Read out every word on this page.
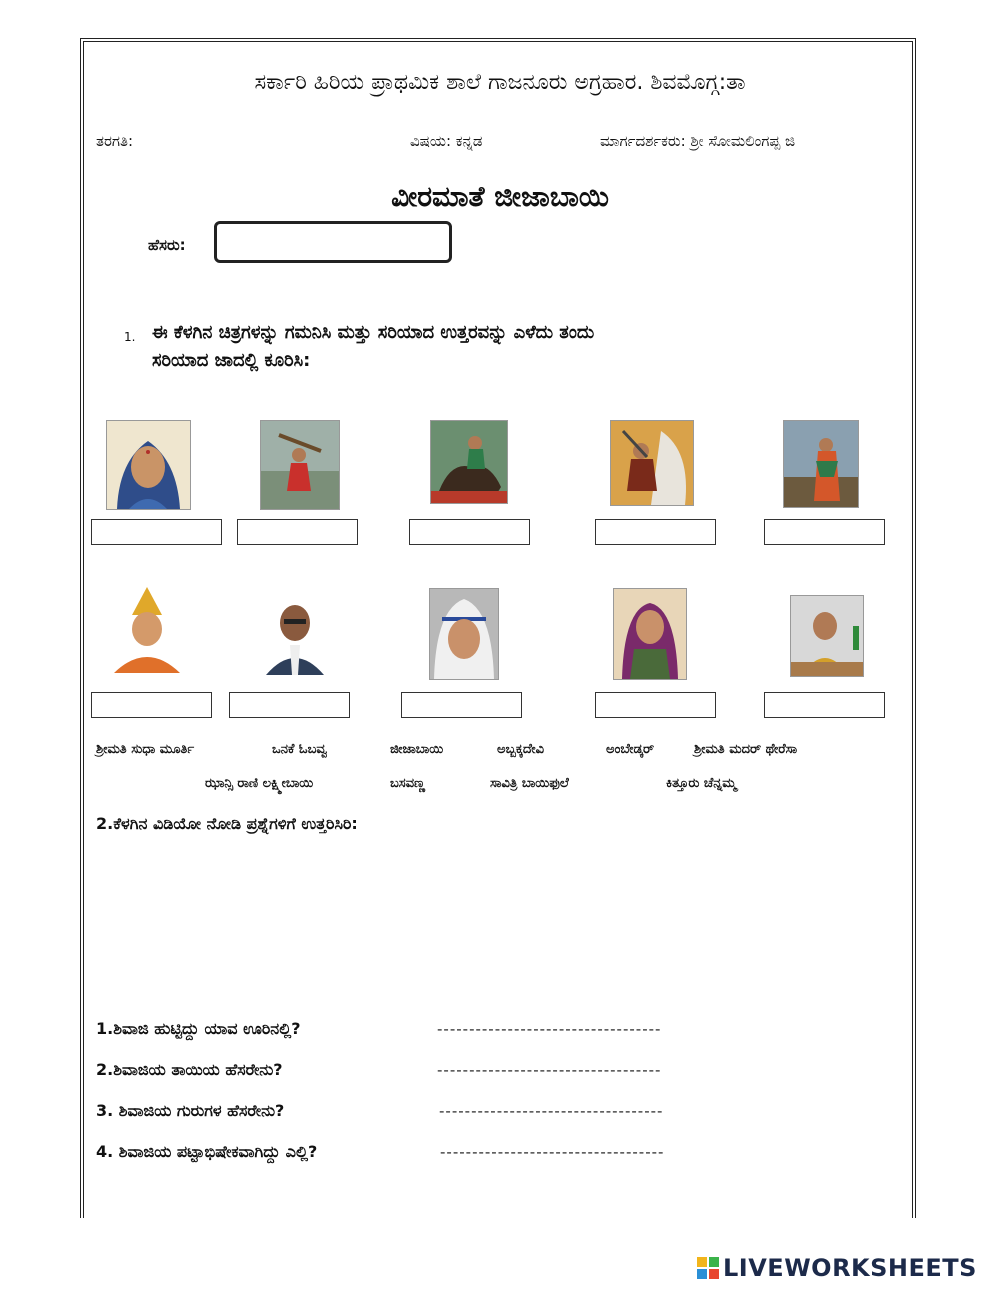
ಸರ್ಕಾರಿ ಹಿರಿಯ ಪ್ರಾಥಮಿಕ ಶಾಲೆ ಗಾಜನೂರು ಅಗ್ರಹಾರ. ಶಿವಮೊಗ್ಗ:ತಾ
ತರಗತಿ:	ವಿಷಯ: ಕನ್ನಡ	ಮಾರ್ಗದರ್ಶಕರು: ಶ್ರೀ ಸೋಮಲಿಂಗಪ್ಪ ಜಿ
ವೀರಮಾತೆ ಜೀಜಾಬಾಯಿ
ಹೆಸರು:
1. ಈ ಕೆಳಗಿನ ಚಿತ್ರಗಳನ್ನು ಗಮನಿಸಿ ಮತ್ತು ಸರಿಯಾದ ಉತ್ತರವನ್ನು ಎಳೆದು ತಂದು
ಸರಿಯಾದ ಜಾದಲ್ಲಿ ಕೂರಿಸಿ:
ಶ್ರೀಮತಿ ಸುಧಾ ಮೂರ್ತಿ	ಒನಕೆ ಓಬವ್ವ	ಜೀಜಾಬಾಯಿ	ಅಬ್ಬಕ್ಕದೇವಿ	ಅಂಬೇಡ್ಕರ್	ಶ್ರೀಮತಿ ಮದರ್ ಥೇರೆಸಾ
ಝಾನ್ಸಿ ರಾಣಿ ಲಕ್ಷ್ಮೀಬಾಯಿ	ಬಸವಣ್ಣ	ಸಾವಿತ್ರಿ ಬಾಯಿಫುಲೆ	ಕಿತ್ತೂರು ಚೆನ್ನಮ್ಮ
2.ಕೆಳಗಿನ ವಿಡಿಯೋ ನೋಡಿ ಪ್ರಶ್ನೆಗಳಿಗೆ ಉತ್ತರಿಸಿರಿ:
1.ಶಿವಾಜಿ ಹುಟ್ಟಿದ್ದು ಯಾವ ಊರಿನಲ್ಲಿ?	-----------------------------------
2.ಶಿವಾಜಿಯ ತಾಯಿಯ ಹೆಸರೇನು?	-----------------------------------
3. ಶಿವಾಜಿಯ ಗುರುಗಳ ಹೆಸರೇನು?	-----------------------------------
4. ಶಿವಾಜಿಯ ಪಟ್ಟಾಭಿಷೇಕವಾಗಿದ್ದು ಎಲ್ಲಿ?	-----------------------------------
LIVEWORKSHEETS
